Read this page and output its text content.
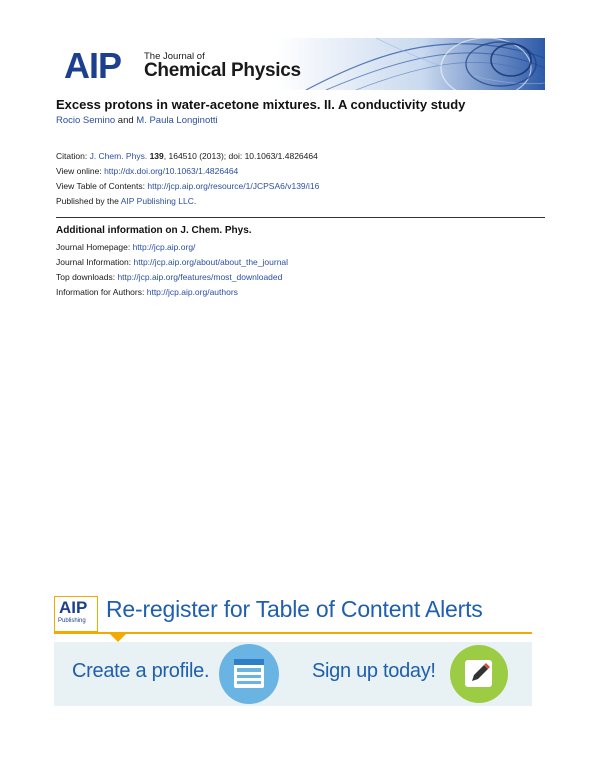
AIP The Journal of
Chemical Physics
Excess protons in water-acetone mixtures. II. A conductivity study
Rocio Semino and M. Paula Longinotti
Citation: J. Chem. Phys. 139, 164510 (2013); doi: 10.1063/1.4826464
View online: http://dx.doi.org/10.1063/1.4826464
View Table of Contents: http://jcp.aip.org/resource/1/JCPSA6/v139/i16
Published by the AIP Publishing LLC.
Additional information on J. Chem. Phys.
Journal Homepage: http://jcp.aip.org/
Journal Information: http://jcp.aip.org/about/about_the_journal
Top downloads: http://jcp.aip.org/features/most_downloaded
Information for Authors: http://jcp.aip.org/authors
AIP
Publishing Re-register for Table of Content Alerts
Create a profile.	Sign up today!
